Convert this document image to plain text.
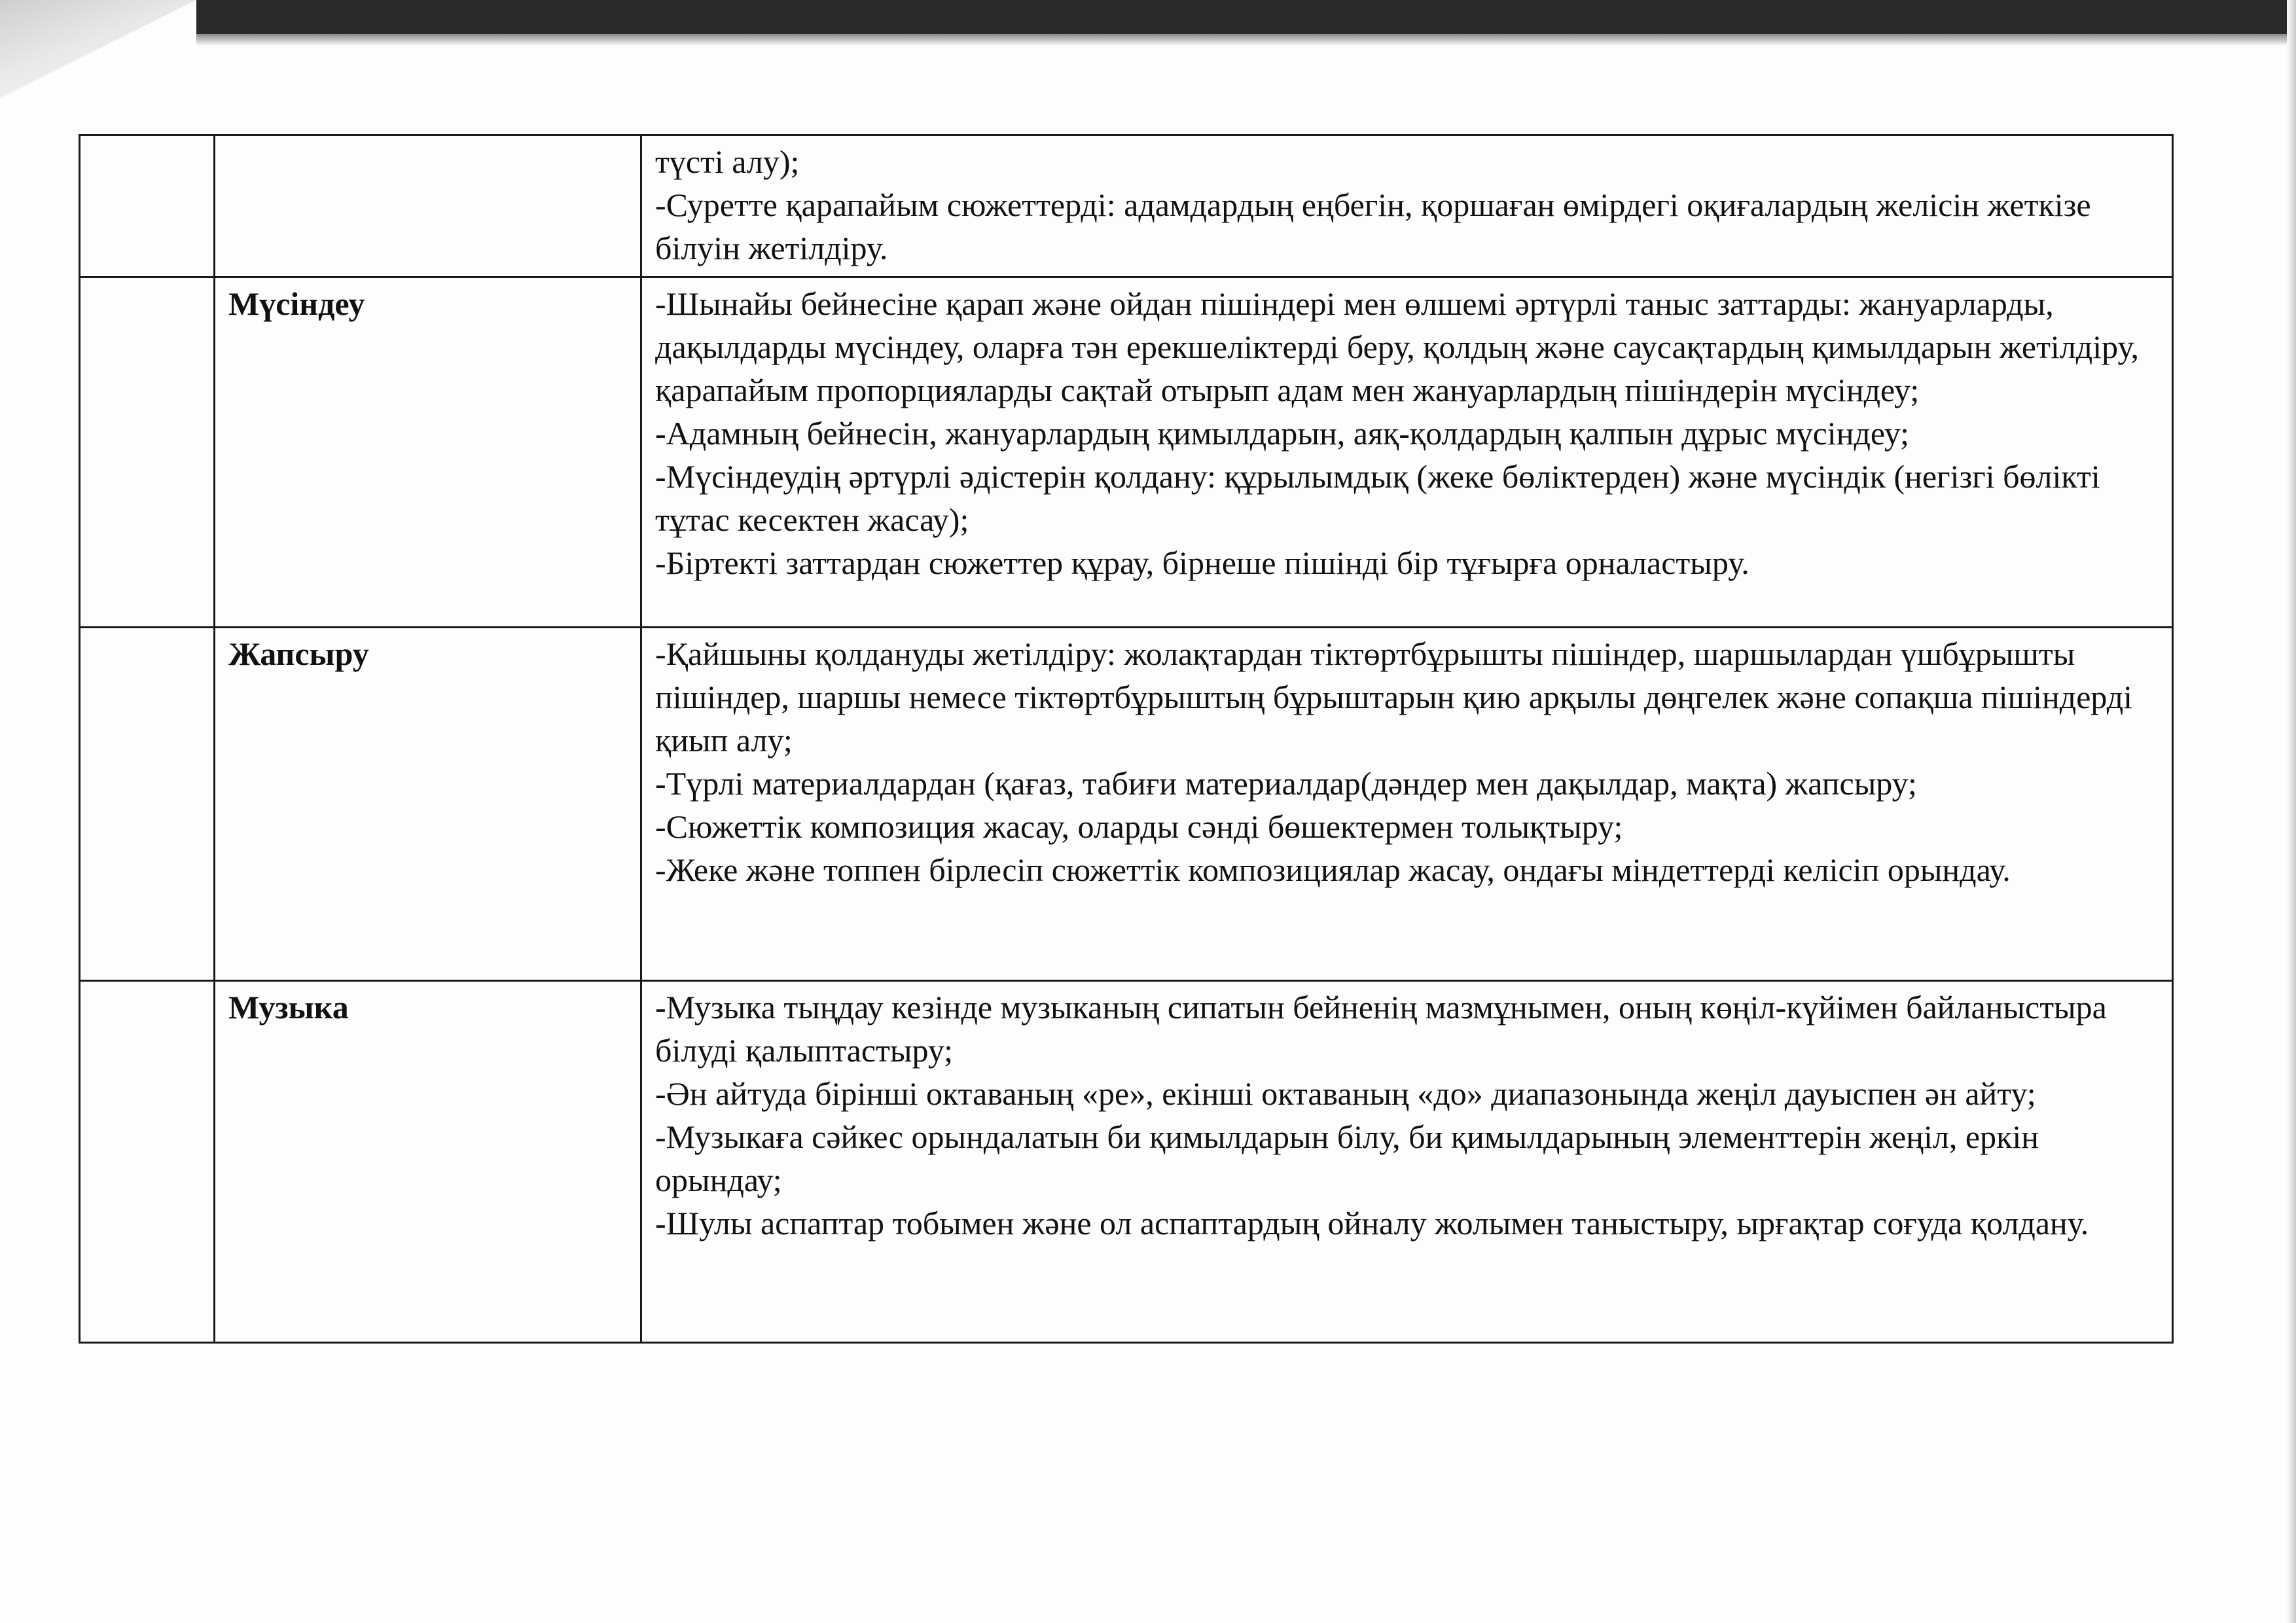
		түсті алу);
-Суретте қарапайым сюжеттерді: адамдардың еңбегін, қоршаған өмірдегі оқиғалардың желісін жеткізе білуін жетілдіру.

	Мүсіндеу	-Шынайы бейнесіне қарап және ойдан пішіндері мен өлшемі әртүрлі таныс заттарды: жануарларды, дақылдарды мүсіндеу, оларға тән ерекшеліктерді беру, қолдың және саусақтардың қимылдарын жетілдіру, қарапайым пропорцияларды сақтай отырып адам мен жануарлардың пішіндерін мүсіндеу;
-Адамның бейнесін, жануарлардың қимылдарын, аяқ-қолдардың қалпын дұрыс мүсіндеу;
-Мүсіндеудің әртүрлі әдістерін қолдану: құрылымдық (жеке бөліктерден) және мүсіндік (негізгі бөлікті тұтас кесектен жасау);
-Біртекті заттардан сюжеттер құрау, бірнеше пішінді бір тұғырға орналастыру.

	Жапсыру	-Қайшыны қолдануды жетілдіру: жолақтардан тіктөртбұрышты пішіндер, шаршылардан үшбұрышты пішіндер, шаршы немесе тіктөртбұрыштың бұрыштарын қию арқылы дөңгелек және сопақша пішіндерді қиып алу;
-Түрлі материалдардан (қағаз, табиғи материалдар(дәндер мен дақылдар, мақта) жапсыру;
-Сюжеттік композиция жасау, оларды сәнді бөшектермен толықтыру;
-Жеке және топпен бірлесіп сюжеттік композициялар жасау, ондағы міндеттерді келісіп орындау.

	Музыка	-Музыка тыңдау кезінде музыканың сипатын бейненің мазмұнымен, оның көңіл-күйімен байланыстыра білуді қалыптастыру;
-Ән айтуда бірінші октаваның «ре», екінші октаваның «до» диапазонында жеңіл дауыспен ән айту;
-Музыкаға сәйкес орындалатын би қимылдарын білу, би қимылдарының элементтерін жеңіл, еркін орындау;
-Шулы аспаптар тобымен және ол аспаптардың ойналу жолымен таныстыру, ырғақтар соғуда қолдану.
